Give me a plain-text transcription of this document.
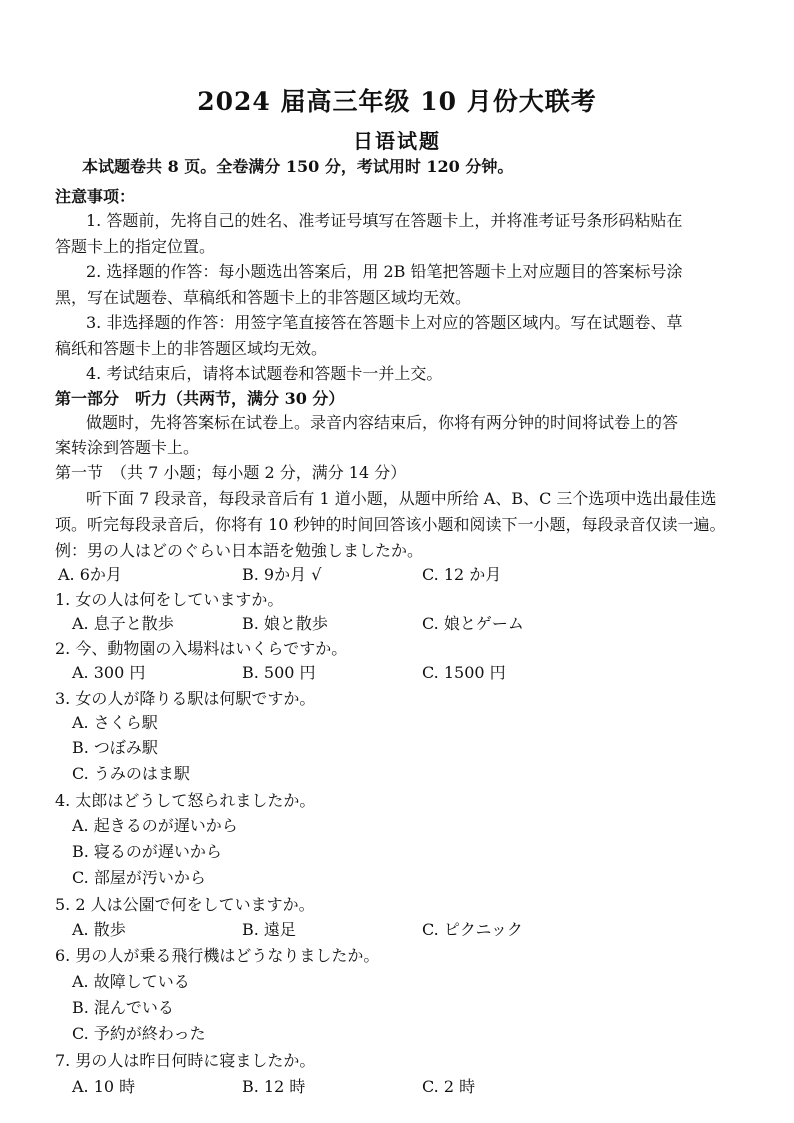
2024 届高三年级 10 月份大联考
日语试题
本试题卷共 8 页。全卷满分 150 分，考试用时 120 分钟。
注意事项：
1. 答题前，先将自己的姓名、准考证号填写在答题卡上，并将准考证号条形码粘贴在
答题卡上的指定位置。
2. 选择题的作答：每小题选出答案后，用 2B 铅笔把答题卡上对应题目的答案标号涂
黑，写在试题卷、草稿纸和答题卡上的非答题区域均无效。
3. 非选择题的作答：用签字笔直接答在答题卡上对应的答题区域内。写在试题卷、草
稿纸和答题卡上的非答题区域均无效。
4. 考试结束后，请将本试题卷和答题卡一并上交。
第一部分　听力（共两节，满分 30 分）
做题时，先将答案标在试卷上。录音内容结束后，你将有两分钟的时间将试卷上的答
案转涂到答题卡上。
第一节　（共 7 小题；每小题 2 分，满分 14 分）
听下面 7 段录音，每段录音后有 1 道小题，从题中所给 A、B、C 三个选项中选出最佳选
项。听完每段录音后，你将有 10 秒钟的时间回答该小题和阅读下一小题，每段录音仅读一遍。
例：男の人はどのぐらい日本語を勉強しましたか。
A. 6か月	B. 9か月 √	C. 12 か月
1. 女の人は何をしていますか。
A. 息子と散歩	B. 娘と散歩	C. 娘とゲーム
2. 今、動物園の入場料はいくらですか。
A. 300 円	B. 500 円	C. 1500 円
3. 女の人が降りる駅は何駅ですか。
A. さくら駅
B. つぼみ駅
C. うみのはま駅
4. 太郎はどうして怒られましたか。
A. 起きるのが遅いから
B. 寝るのが遅いから
C. 部屋が汚いから
5. 2 人は公園で何をしていますか。
A. 散歩	B. 遠足	C. ピクニック
6. 男の人が乗る飛行機はどうなりましたか。
A. 故障している
B. 混んでいる
C. 予約が終わった
7. 男の人は昨日何時に寝ましたか。
A. 10 時	B. 12 時	C. 2 時
